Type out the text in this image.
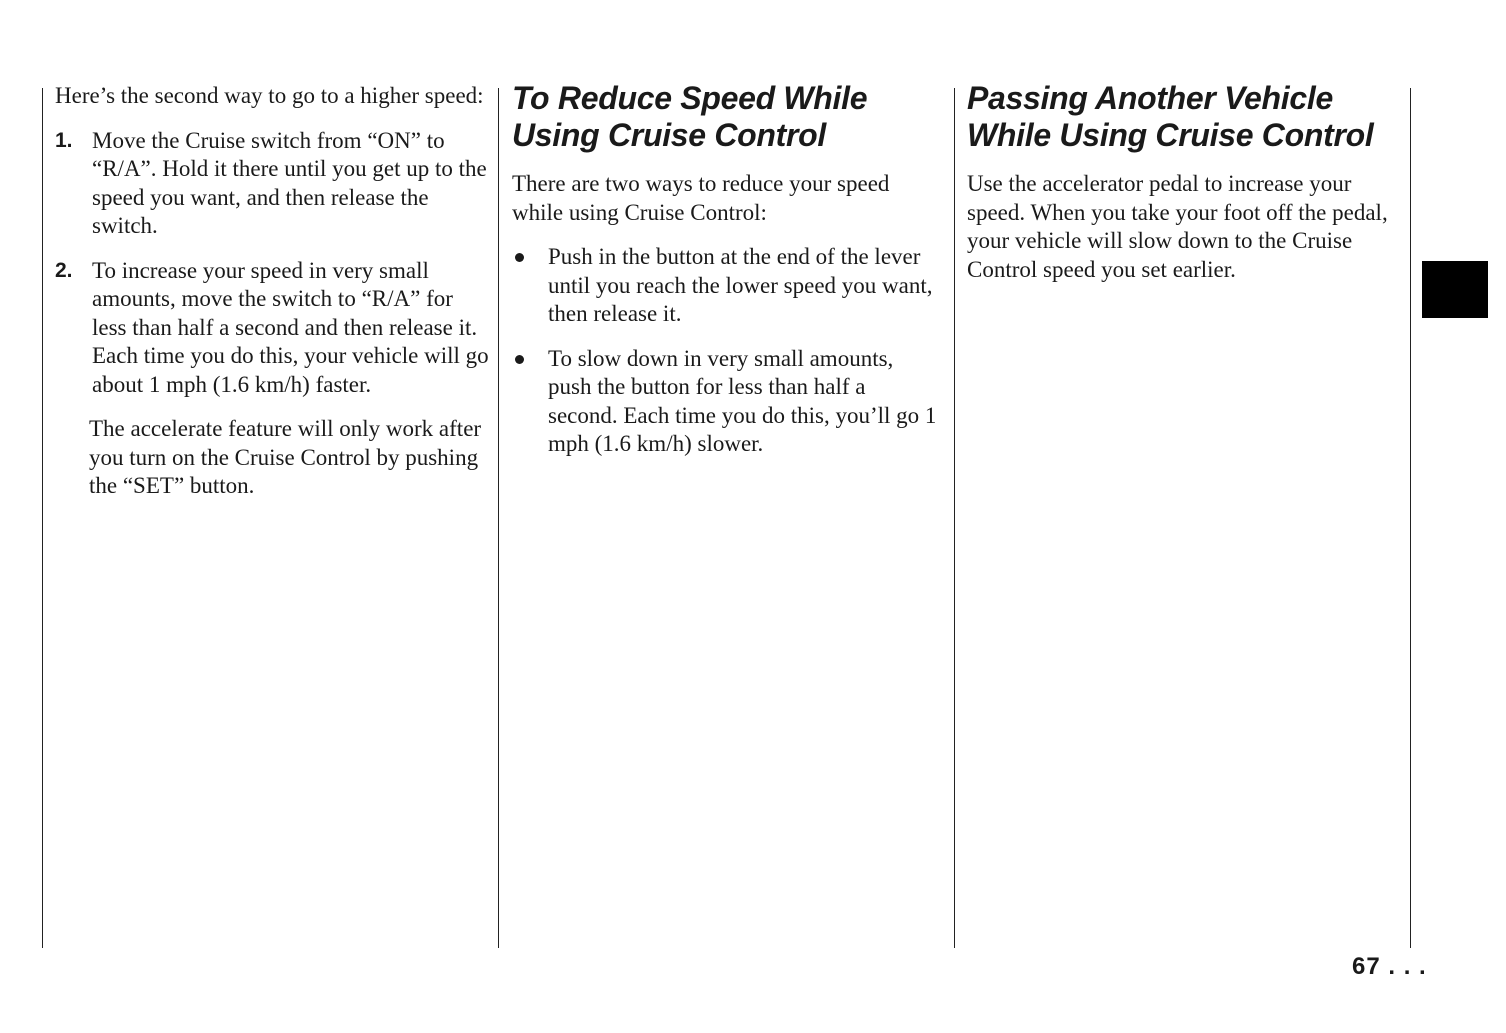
Here’s the second way to go to a higher speed:

1. Move the Cruise switch from “ON” to “R/A”. Hold it there until you get up to the speed you want, and then release the switch.
2. To increase your speed in very small amounts, move the switch to “R/A” for less than half a second and then release it. Each time you do this, your vehicle will go about 1 mph (1.6 km/h) faster.

The accelerate feature will only work after you turn on the Cruise Control by pushing the “SET” button.

To Reduce Speed While Using Cruise Control

There are two ways to reduce your speed while using Cruise Control:

Push in the button at the end of the lever until you reach the lower speed you want, then release it.
To slow down in very small amounts, push the button for less than half a second. Each time you do this, you’ll go 1 mph (1.6 km/h) slower.
Passing Another Vehicle While Using Cruise Control

Use the accelerator pedal to increase your speed. When you take your foot off the pedal, your vehicle will slow down to the Cruise Control speed you set earlier.

67 . . .
